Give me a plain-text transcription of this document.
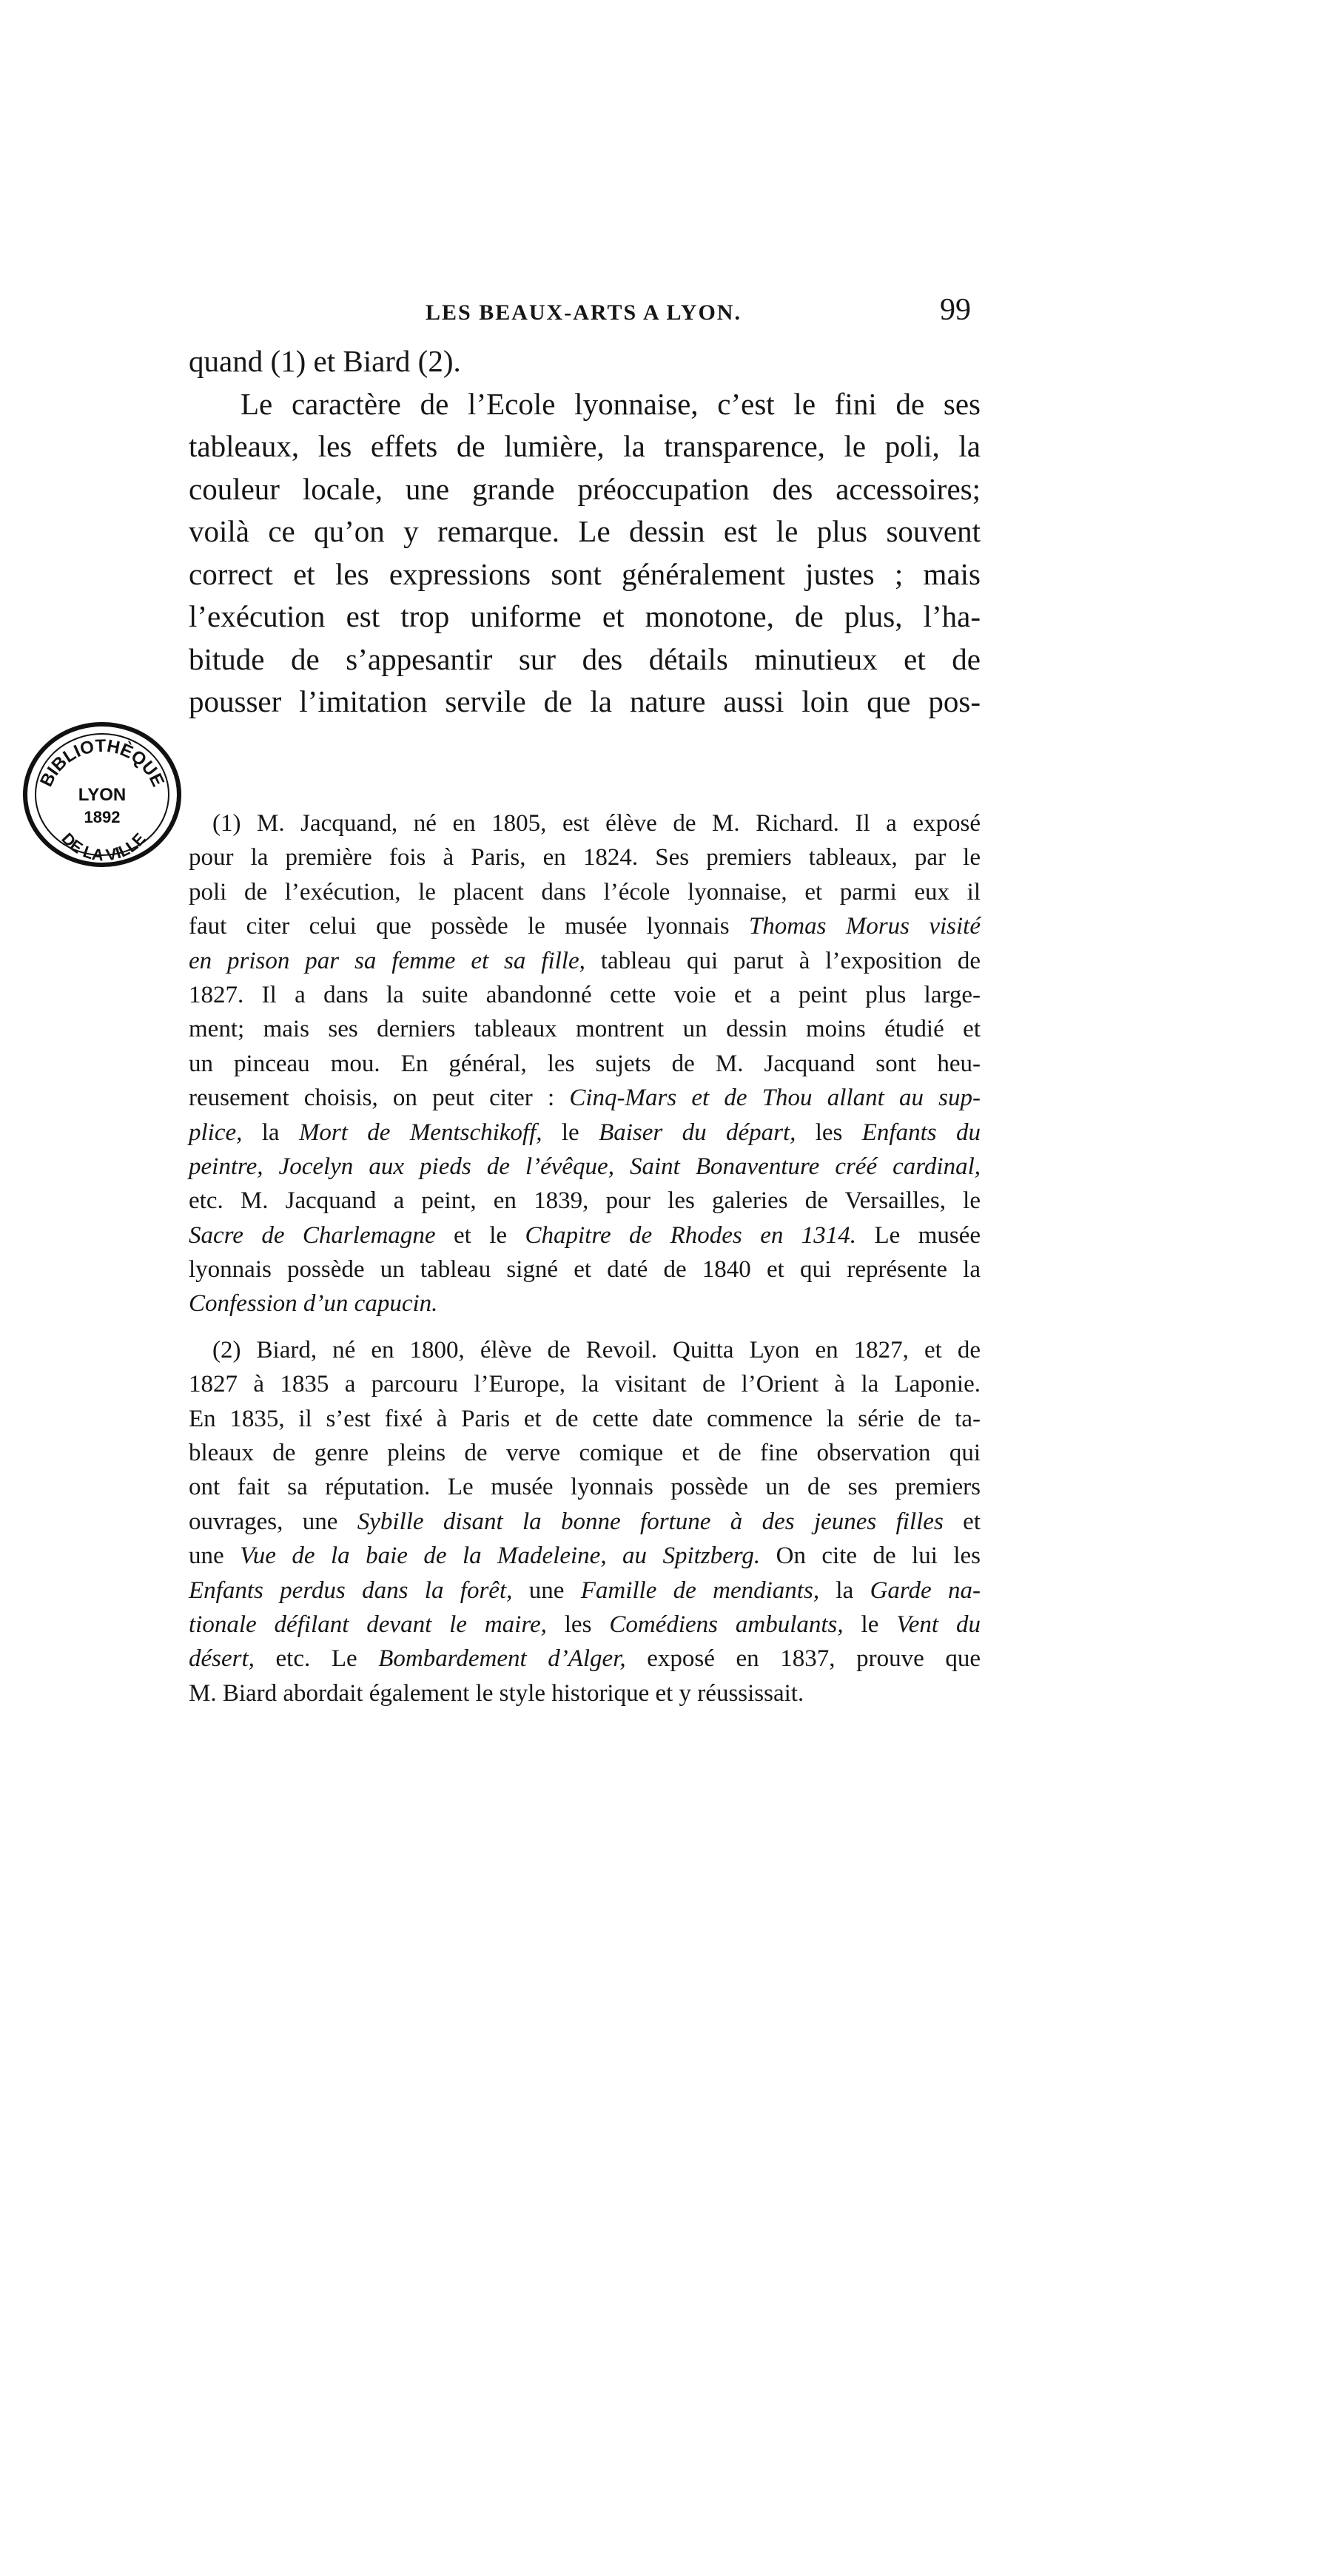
LES BEAUX-ARTS A LYON.	99
quand (1) et Biard (2).
Le caractère de l’Ecole lyonnaise, c’est le fini de ses
tableaux, les effets de lumière, la transparence, le poli, la
couleur locale, une grande préoccupation des accessoires;
voilà ce qu’on y remarque. Le dessin est le plus souvent
correct et les expressions sont généralement justes ; mais
l’exécution est trop uniforme et monotone, de plus, l’ha-
bitude de s’appesantir sur des détails minutieux et de
pousser l’imitation servile de la nature aussi loin que pos-
BIBLIOTHÈQUE
DE LA VILLE
LYON
1892	(1) M. Jacquand, né en 1805, est élève de M. Richard. Il a exposé
pour la première fois à Paris, en 1824. Ses premiers tableaux, par le
poli de l’exécution, le placent dans l’école lyonnaise, et parmi eux il
faut citer celui que possède le musée lyonnais Thomas Morus visité
en prison par sa femme et sa fille, tableau qui parut à l’exposition de
1827. Il a dans la suite abandonné cette voie et a peint plus large-
ment; mais ses derniers tableaux montrent un dessin moins étudié et
un pinceau mou. En général, les sujets de M. Jacquand sont heu-
reusement choisis, on peut citer : Cinq-Mars et de Thou allant au sup-
plice, la Mort de Mentschikoff, le Baiser du départ, les Enfants du
peintre, Jocelyn aux pieds de l’évêque, Saint Bonaventure créé cardinal,
etc. M. Jacquand a peint, en 1839, pour les galeries de Versailles, le
Sacre de Charlemagne et le Chapitre de Rhodes en 1314. Le musée
lyonnais possède un tableau signé et daté de 1840 et qui représente la
Confession d’un capucin.
(2) Biard, né en 1800, élève de Revoil. Quitta Lyon en 1827, et de
1827 à 1835 a parcouru l’Europe, la visitant de l’Orient à la Laponie.
En 1835, il s’est fixé à Paris et de cette date commence la série de ta-
bleaux de genre pleins de verve comique et de fine observation qui
ont fait sa réputation. Le musée lyonnais possède un de ses premiers
ouvrages, une Sybille disant la bonne fortune à des jeunes filles et
une Vue de la baie de la Madeleine, au Spitzberg. On cite de lui les
Enfants perdus dans la forêt, une Famille de mendiants, la Garde na-
tionale défilant devant le maire, les Comédiens ambulants, le Vent du
désert, etc. Le Bombardement d’Alger, exposé en 1837, prouve que
M. Biard abordait également le style historique et y réussissait.
